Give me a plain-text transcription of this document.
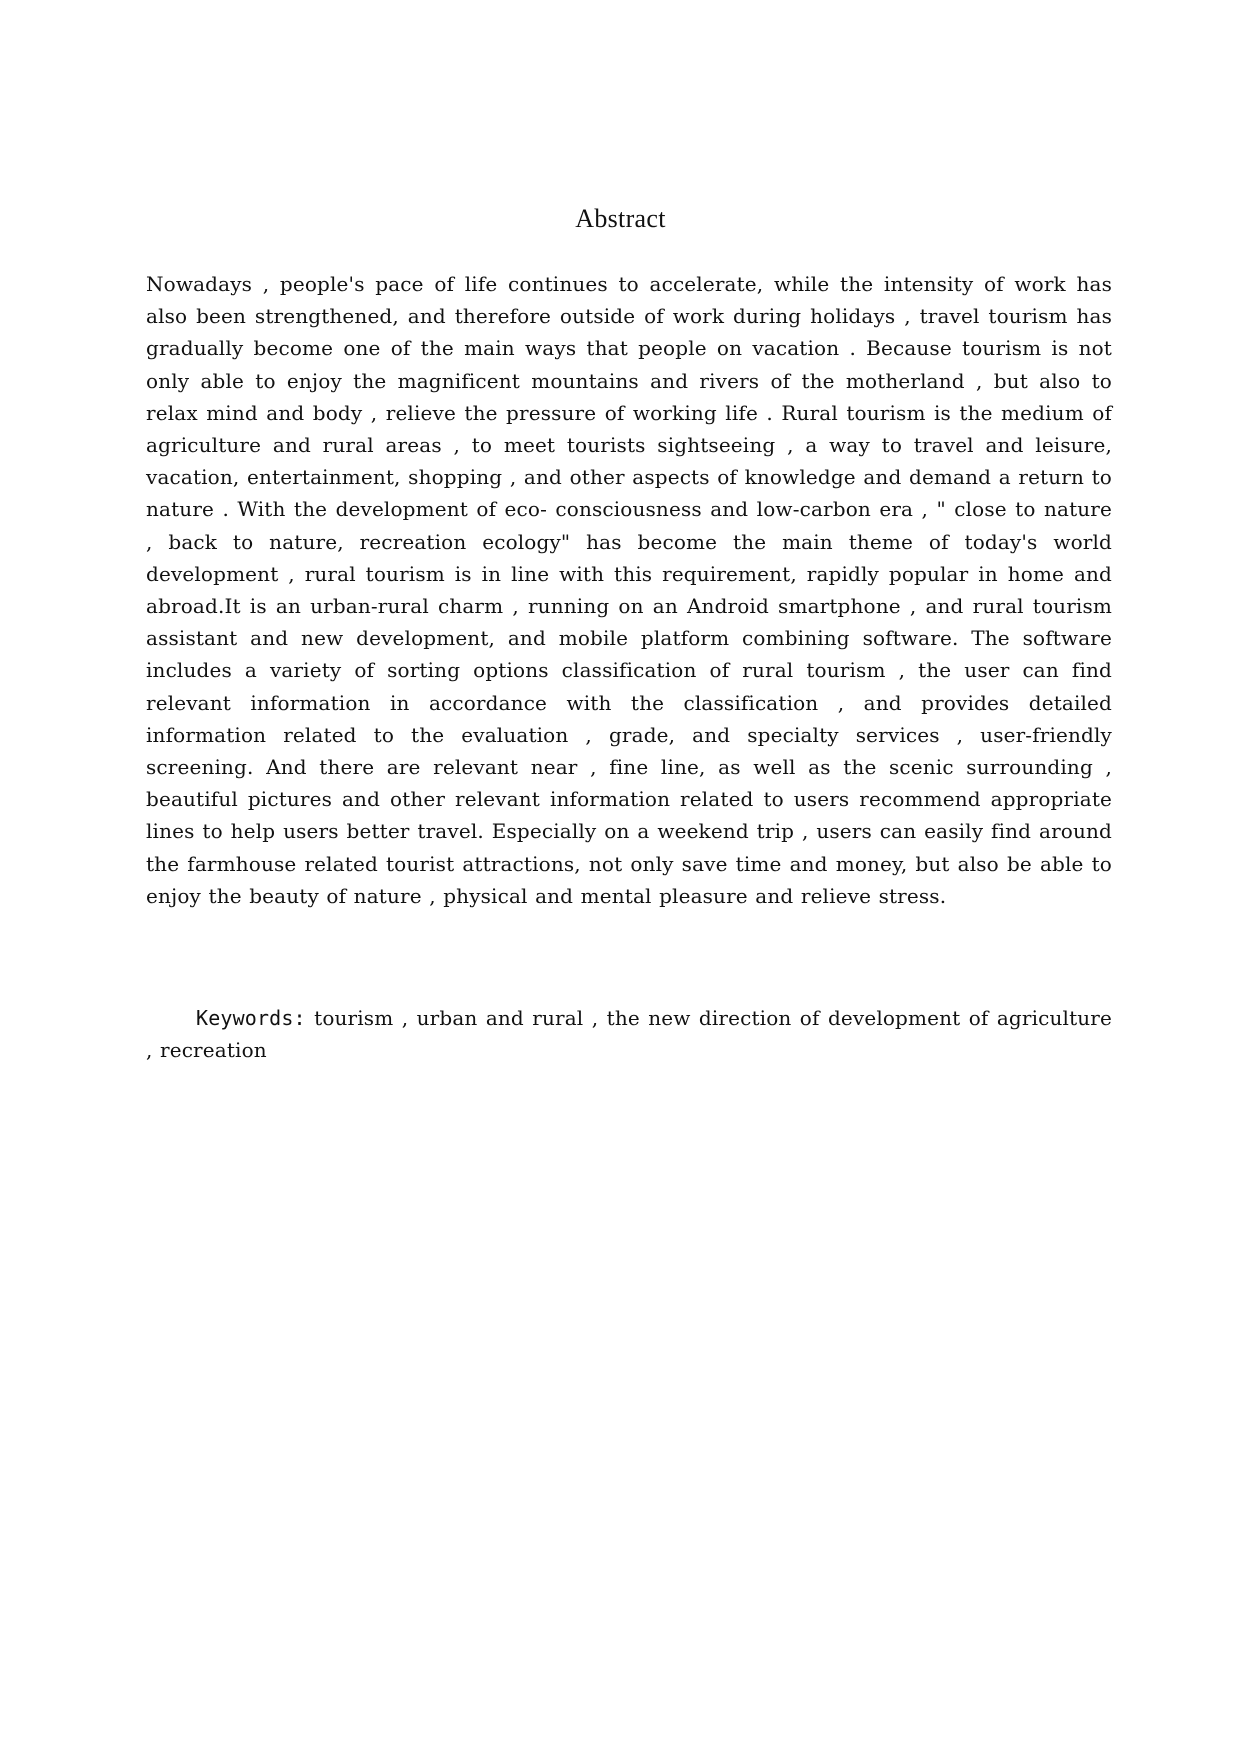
Abstract

Nowadays , people's pace of life continues to accelerate, while the intensity of work has also been strengthened, and therefore outside of work during holidays , travel tourism has gradually become one of the main ways that people on vacation . Because tourism is not only able to enjoy the magnificent mountains and rivers of the motherland , but also to relax mind and body , relieve the pressure of working life . Rural tourism is the medium of agriculture and rural areas , to meet tourists sightseeing , a way to travel and leisure, vacation, entertainment, shopping , and other aspects of knowledge and demand a return to nature . With the development of eco- consciousness and low-carbon era , " close to nature , back to nature, recreation ecology" has become the main theme of today's world development , rural tourism is in line with this requirement, rapidly popular in home and abroad.It is an urban-rural charm , running on an Android smartphone , and rural tourism assistant and new development, and mobile platform combining software. The software includes a variety of sorting options classification of rural tourism , the user can find relevant information in accordance with the classification , and provides detailed information related to the evaluation , grade, and specialty services , user-friendly screening. And there are relevant near , fine line, as well as the scenic surrounding , beautiful pictures and other relevant information related to users recommend appropriate lines to help users better travel. Especially on a weekend trip , users can easily find around the farmhouse related tourist attractions, not only save time and money, but also be able to enjoy the beauty of nature , physical and mental pleasure and relieve stress.

Keywords: tourism , urban and rural , the new direction of development of agriculture , recreation
